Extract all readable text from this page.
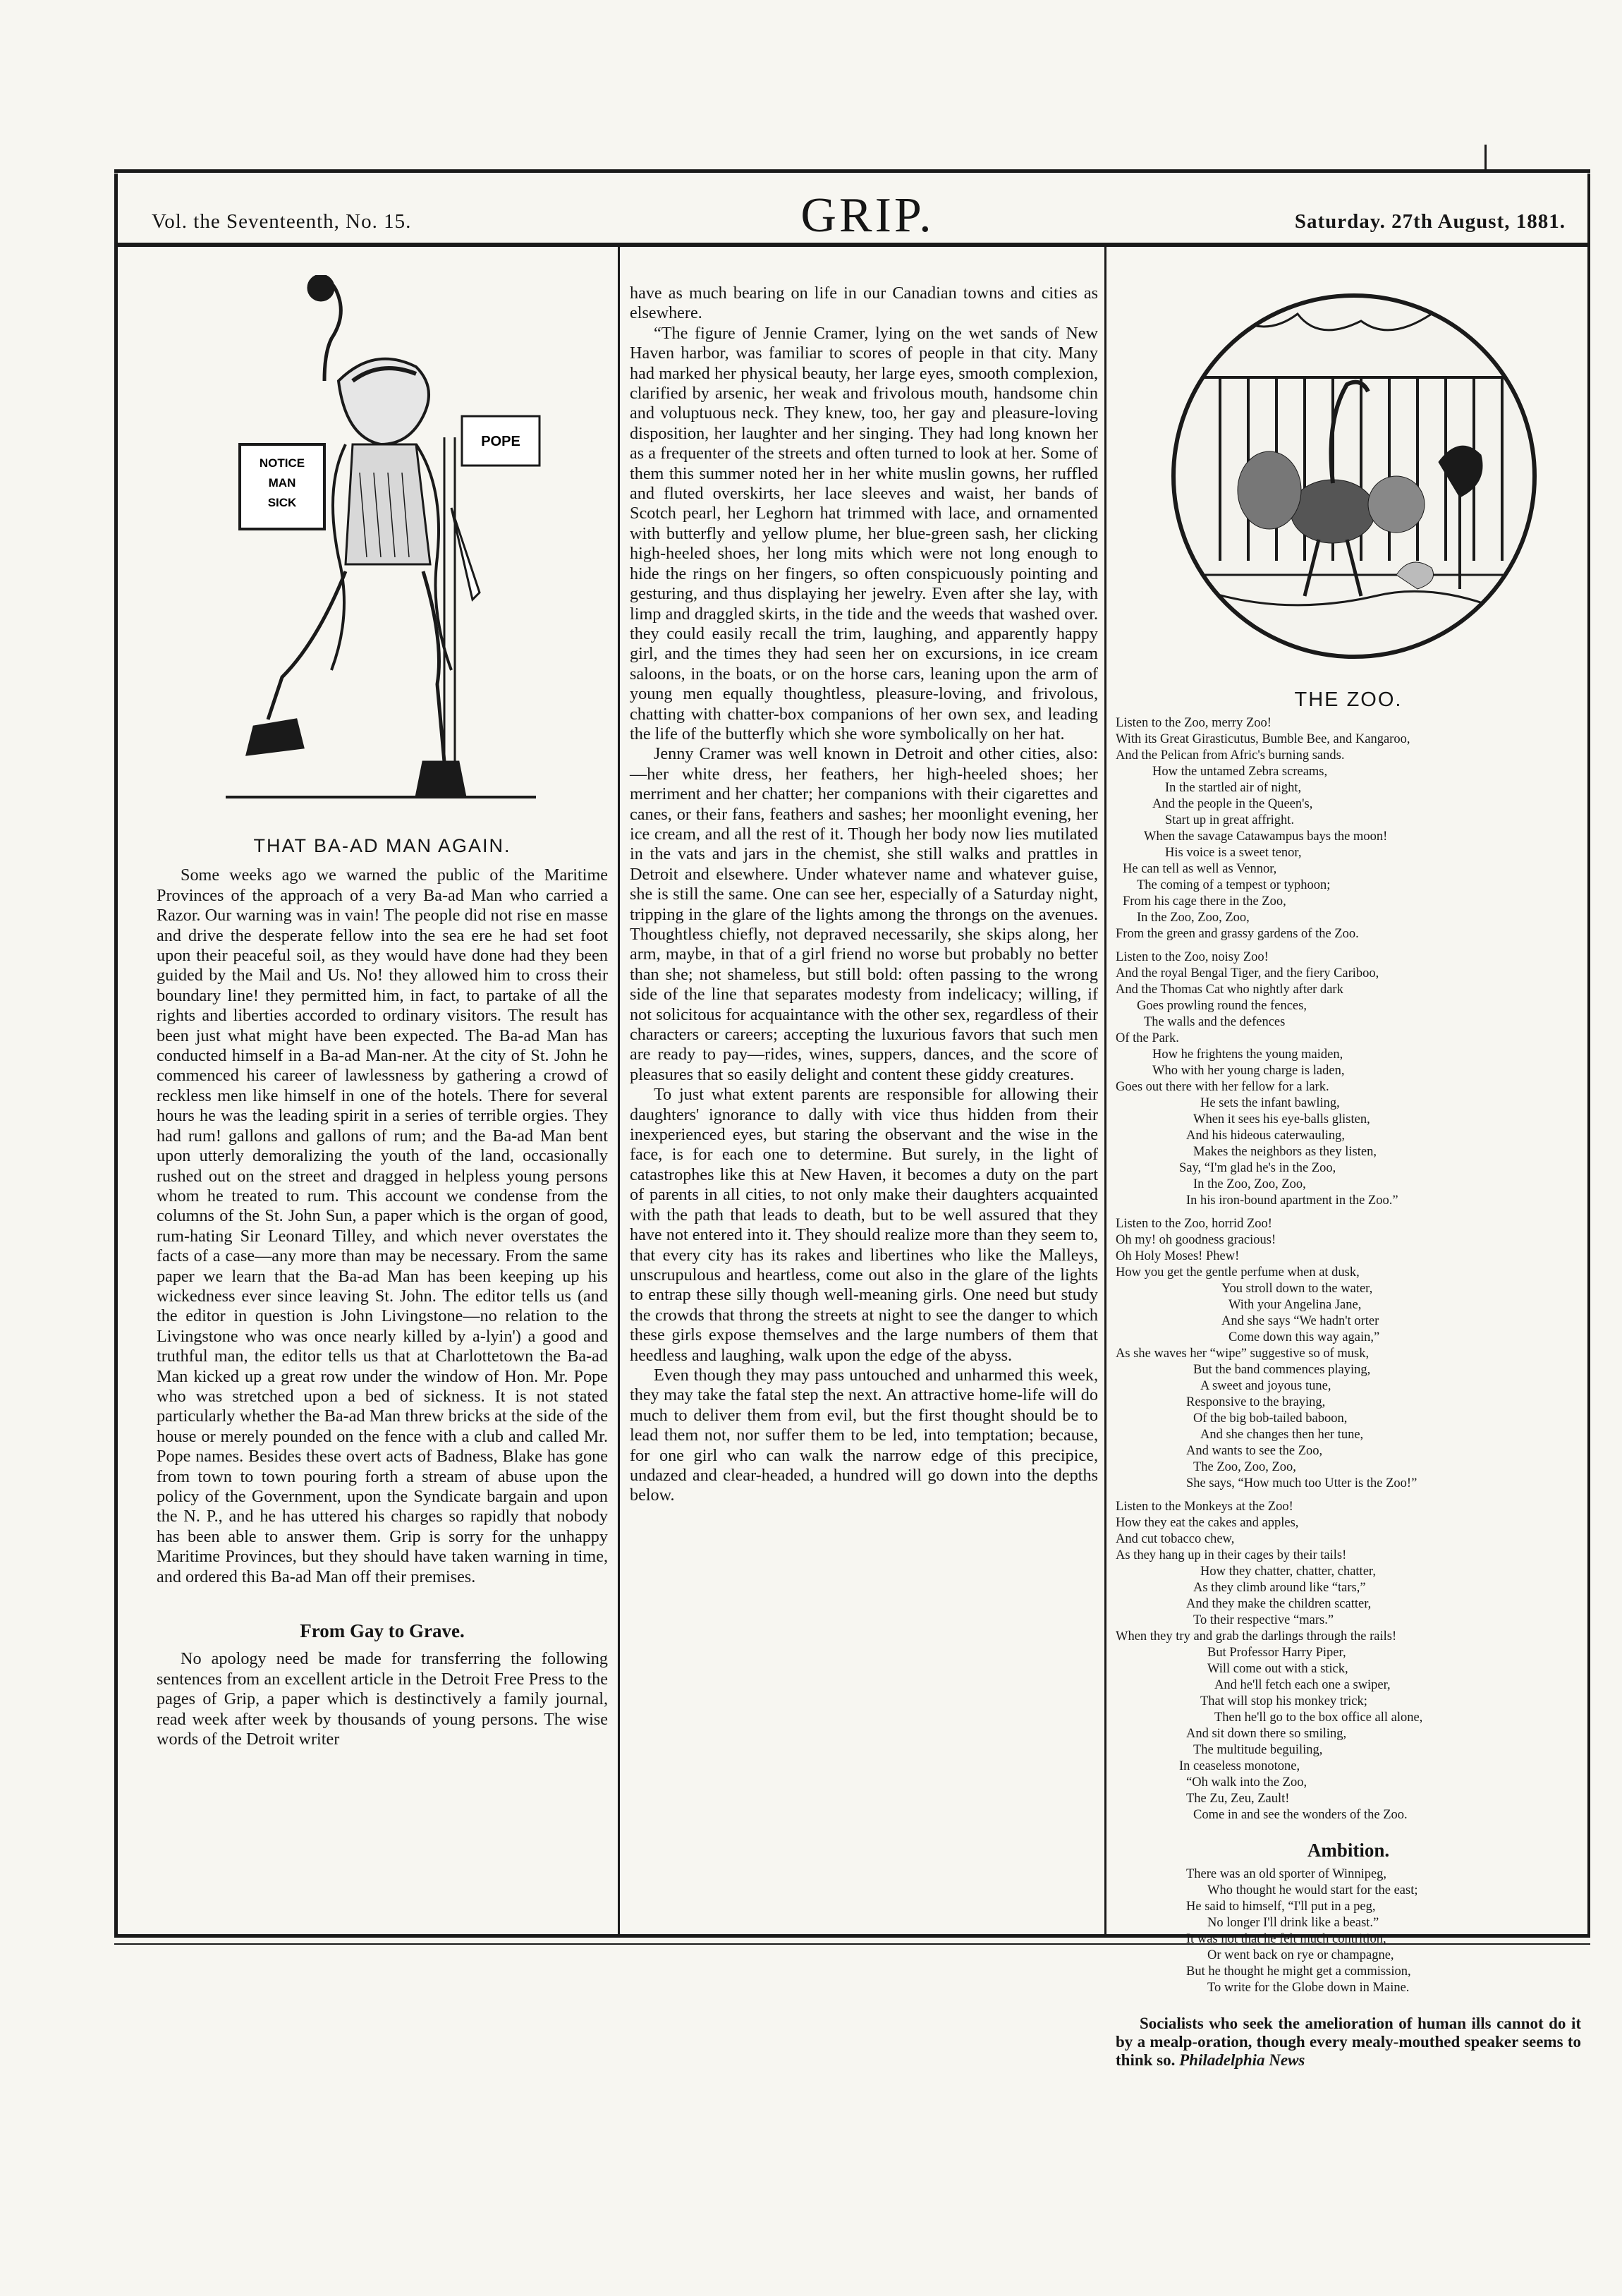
Vol. the Seventeenth, No. 15.	GRIP.	Saturday. 27th August, 1881.
NOTICE
MAN
SICK
POPE

THAT BA-AD MAN AGAIN.

Some weeks ago we warned the public of the Maritime Provinces of the approach of a very Ba-ad Man who carried a Razor. Our warning was in vain! The people did not rise en masse and drive the desperate fellow into the sea ere he had set foot upon their peaceful soil, as they would have done had they been guided by the Mail and Us. No! they allowed him to cross their boundary line! they permitted him, in fact, to partake of all the rights and liberties accorded to ordinary visitors. The result has been just what might have been expected. The Ba-ad Man has conducted himself in a Ba-ad Man-ner. At the city of St. John he commenced his career of lawlessness by gathering a crowd of reckless men like himself in one of the hotels. There for several hours he was the leading spirit in a series of terrible orgies. They had rum! gallons and gallons of rum; and the Ba-ad Man bent upon utterly demoralizing the youth of the land, occasionally rushed out on the street and dragged in helpless young persons whom he treated to rum. This account we condense from the columns of the St. John Sun, a paper which is the organ of good, rum-hating Sir Leonard Tilley, and which never overstates the facts of a case—any more than may be necessary. From the same paper we learn that the Ba-ad Man has been keeping up his wickedness ever since leaving St. John. The editor tells us (and the editor in question is John Livingstone—no relation to the Livingstone who was once nearly killed by a-lyin') a good and truthful man, the editor tells us that at Charlottetown the Ba-ad Man kicked up a great row under the window of Hon. Mr. Pope who was stretched upon a bed of sickness. It is not stated particularly whether the Ba-ad Man threw bricks at the side of the house or merely pounded on the fence with a club and called Mr. Pope names. Besides these overt acts of Badness, Blake has gone from town to town pouring forth a stream of abuse upon the policy of the Government, upon the Syndicate bargain and upon the N. P., and he has uttered his charges so rapidly that nobody has been able to answer them. Grip is sorry for the unhappy Maritime Provinces, but they should have taken warning in time, and ordered this Ba-ad Man off their premises.

From Gay to Grave.

No apology need be made for transferring the following sentences from an excellent article in the Detroit Free Press to the pages of Grip, a paper which is destinctively a family journal, read week after week by thousands of young persons. The wise words of the Detroit writer

have as much bearing on life in our Canadian towns and cities as elsewhere.

“The figure of Jennie Cramer, lying on the wet sands of New Haven harbor, was familiar to scores of people in that city. Many had marked her physical beauty, her large eyes, smooth complexion, clarified by arsenic, her weak and frivolous mouth, handsome chin and voluptuous neck. They knew, too, her gay and pleasure-loving disposition, her laughter and her singing. They had long known her as a frequenter of the streets and often turned to look at her. Some of them this summer noted her in her white muslin gowns, her ruffled and fluted overskirts, her lace sleeves and waist, her bands of Scotch pearl, her Leghorn hat trimmed with lace, and ornamented with butterfly and yellow plume, her blue-green sash, her clicking high-heeled shoes, her long mits which were not long enough to hide the rings on her fingers, so often conspicuously pointing and gesturing, and thus displaying her jewelry. Even after she lay, with limp and draggled skirts, in the tide and the weeds that washed over. they could easily recall the trim, laughing, and apparently happy girl, and the times they had seen her on excursions, in ice cream saloons, in the boats, or on the horse cars, leaning upon the arm of young men equally thoughtless, pleasure-loving, and frivolous, chatting with chatter-box companions of her own sex, and leading the life of the butterfly which she wore symbolically on her hat.

Jenny Cramer was well known in Detroit and other cities, also:—her white dress, her feathers, her high-heeled shoes; her merriment and her chatter; her companions with their cigarettes and canes, or their fans, feathers and sashes; her moonlight evening, her ice cream, and all the rest of it. Though her body now lies mutilated in the vats and jars in the chemist, she still walks and prattles in Detroit and elsewhere. Under whatever name and whatever guise, she is still the same. One can see her, especially of a Saturday night, tripping in the glare of the lights among the throngs on the avenues. Thoughtless chiefly, not depraved necessarily, she skips along, her arm, maybe, in that of a girl friend no worse but probably no better than she; not shameless, but still bold: often passing to the wrong side of the line that separates modesty from indelicacy; willing, if not solicitous for acquaintance with the other sex, regardless of their characters or careers; accepting the luxurious favors that such men are ready to pay—rides, wines, suppers, dances, and the score of pleasures that so easily delight and content these giddy creatures.

To just what extent parents are responsible for allowing their daughters' ignorance to dally with vice thus hidden from their inexperienced eyes, but staring the observant and the wise in the face, is for each one to determine. But surely, in the light of catastrophes like this at New Haven, it becomes a duty on the part of parents in all cities, to not only make their daughters acquainted with the path that leads to death, but to be well assured that they have not entered into it. They should realize more than they seem to, that every city has its rakes and libertines who like the Malleys, unscrupulous and heartless, come out also in the glare of the lights to entrap these silly though well-meaning girls. One need but study the crowds that throng the streets at night to see the danger to which these girls expose themselves and the large numbers of them that heedless and laughing, walk upon the edge of the abyss.

Even though they may pass untouched and unharmed this week, they may take the fatal step the next. An attractive home-life will do much to deliver them from evil, but the first thought should be to lead them not, nor suffer them to be led, into temptation; because, for one girl who can walk the narrow edge of this precipice, undazed and clear-headed, a hundred will go down into the depths below.

THE ZOO.

Listen to the Zoo, merry Zoo!
With its Great Girasticutus, Bumble Bee, and Kangaroo,
And the Pelican from Afric's burning sands.
How the untamed Zebra screams,
In the startled air of night,
And the people in the Queen's,
Start up in great affright.
When the savage Catawampus bays the moon!
His voice is a sweet tenor,
He can tell as well as Vennor,
The coming of a tempest or typhoon;
From his cage there in the Zoo,
In the Zoo, Zoo, Zoo,
From the green and grassy gardens of the Zoo.
Listen to the Zoo, noisy Zoo!
And the royal Bengal Tiger, and the fiery Cariboo,
And the Thomas Cat who nightly after dark
Goes prowling round the fences,
The walls and the defences
Of the Park.
How he frightens the young maiden,
Who with her young charge is laden,
Goes out there with her fellow for a lark.
He sets the infant bawling,
When it sees his eye-balls glisten,
And his hideous caterwauling,
Makes the neighbors as they listen,
Say, “I'm glad he's in the Zoo,
In the Zoo, Zoo, Zoo,
In his iron-bound apartment in the Zoo.”
Listen to the Zoo, horrid Zoo!
Oh my! oh goodness gracious!
Oh Holy Moses! Phew!
How you get the gentle perfume when at dusk,
You stroll down to the water,
With your Angelina Jane,
And she says “We hadn't orter
Come down this way again,”
As she waves her “wipe” suggestive so of musk,
But the band commences playing,
A sweet and joyous tune,
Responsive to the braying,
Of the big bob-tailed baboon,
And she changes then her tune,
And wants to see the Zoo,
The Zoo, Zoo, Zoo,
She says, “How much too Utter is the Zoo!”
Listen to the Monkeys at the Zoo!
How they eat the cakes and apples,
And cut tobacco chew,
As they hang up in their cages by their tails!
How they chatter, chatter, chatter,
As they climb around like “tars,”
And they make the children scatter,
To their respective “mars.”
When they try and grab the darlings through the rails!
But Professor Harry Piper,
Will come out with a stick,
And he'll fetch each one a swiper,
That will stop his monkey trick;
Then he'll go to the box office all alone,
And sit down there so smiling,
The multitude beguiling,
In ceaseless monotone,
“Oh walk into the Zoo,
The Zu, Zeu, Zault!
Come in and see the wonders of the Zoo.

Ambition.

There was an old sporter of Winnipeg,
Who thought he would start for the east;
He said to himself, “I'll put in a peg,
No longer I'll drink like a beast.”
It was not that he felt much contrition,
Or went back on rye or champagne,
But he thought he might get a commission,
To write for the Globe down in Maine.

Socialists who seek the amelioration of human ills cannot do it by a mealp-oration, though every mealy-mouthed speaker seems to think so. Philadelphia News
